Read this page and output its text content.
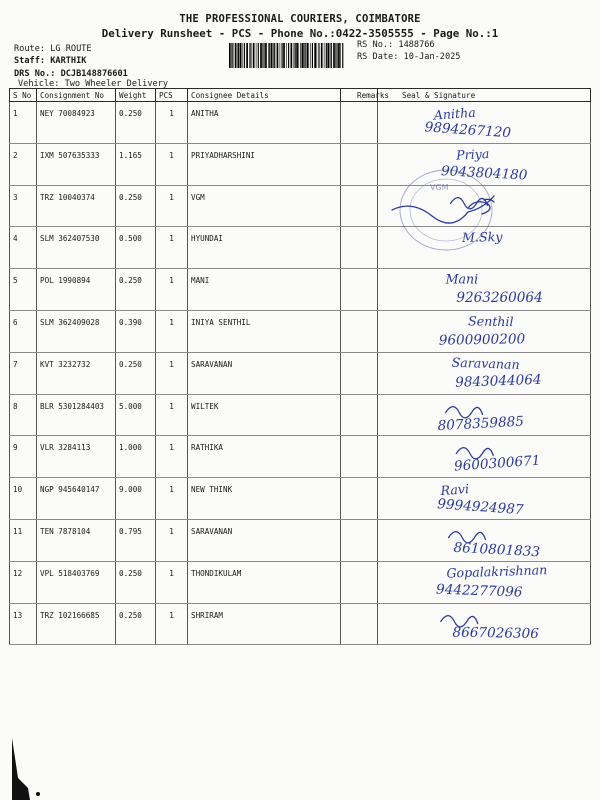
THE PROFESSIONAL COURIERS, COIMBATORE
Delivery Runsheet - PCS - Phone No.:0422-3505555 - Page No.:1
Route: LG ROUTE
Staff: KARTHIK
DRS No.: DCJB148876601
Vehicle: Two Wheeler Delivery
RS No.: 1488766
RS Date: 10-Jan-2025
S No	Consignment No	Weight	PCS	Consignee Details	Remarks	Seal & Signature
1	NEY 70084923	0.250	1	ANITHA		Anitha
9894267120

2	IXM 507635333	1.165	1	PRIYADHARSHINI		Priya
9043804180

3	TRZ 10040374	0.250	1	VGM		

4	SLM 362407530	0.500	1	HYUNDAI		M.Sky

5	POL 1990894	0.250	1	MANI		Mani
9263260064

6	SLM 362409028	0.390	1	INIYA SENTHIL		Senthil
9600900200

7	KVT 3232732	0.250	1	SARAVANAN		Saravanan
9843044064

8	BLR 5301284403	5.000	1	WILTEK		8078359885

9	VLR 3284113	1.000	1	RATHIKA		9600300671

10	NGP 945640147	9.000	1	NEW THINK		Ravi
9994924987

11	TEN 7878104	0.795	1	SARAVANAN		8610801833

12	VPL 518403769	0.250	1	THONDIKULAM		Gopalakrishnan
9442277096

13	TRZ 102166685	0.250	1	SHRIRAM		8667026306
VGM
